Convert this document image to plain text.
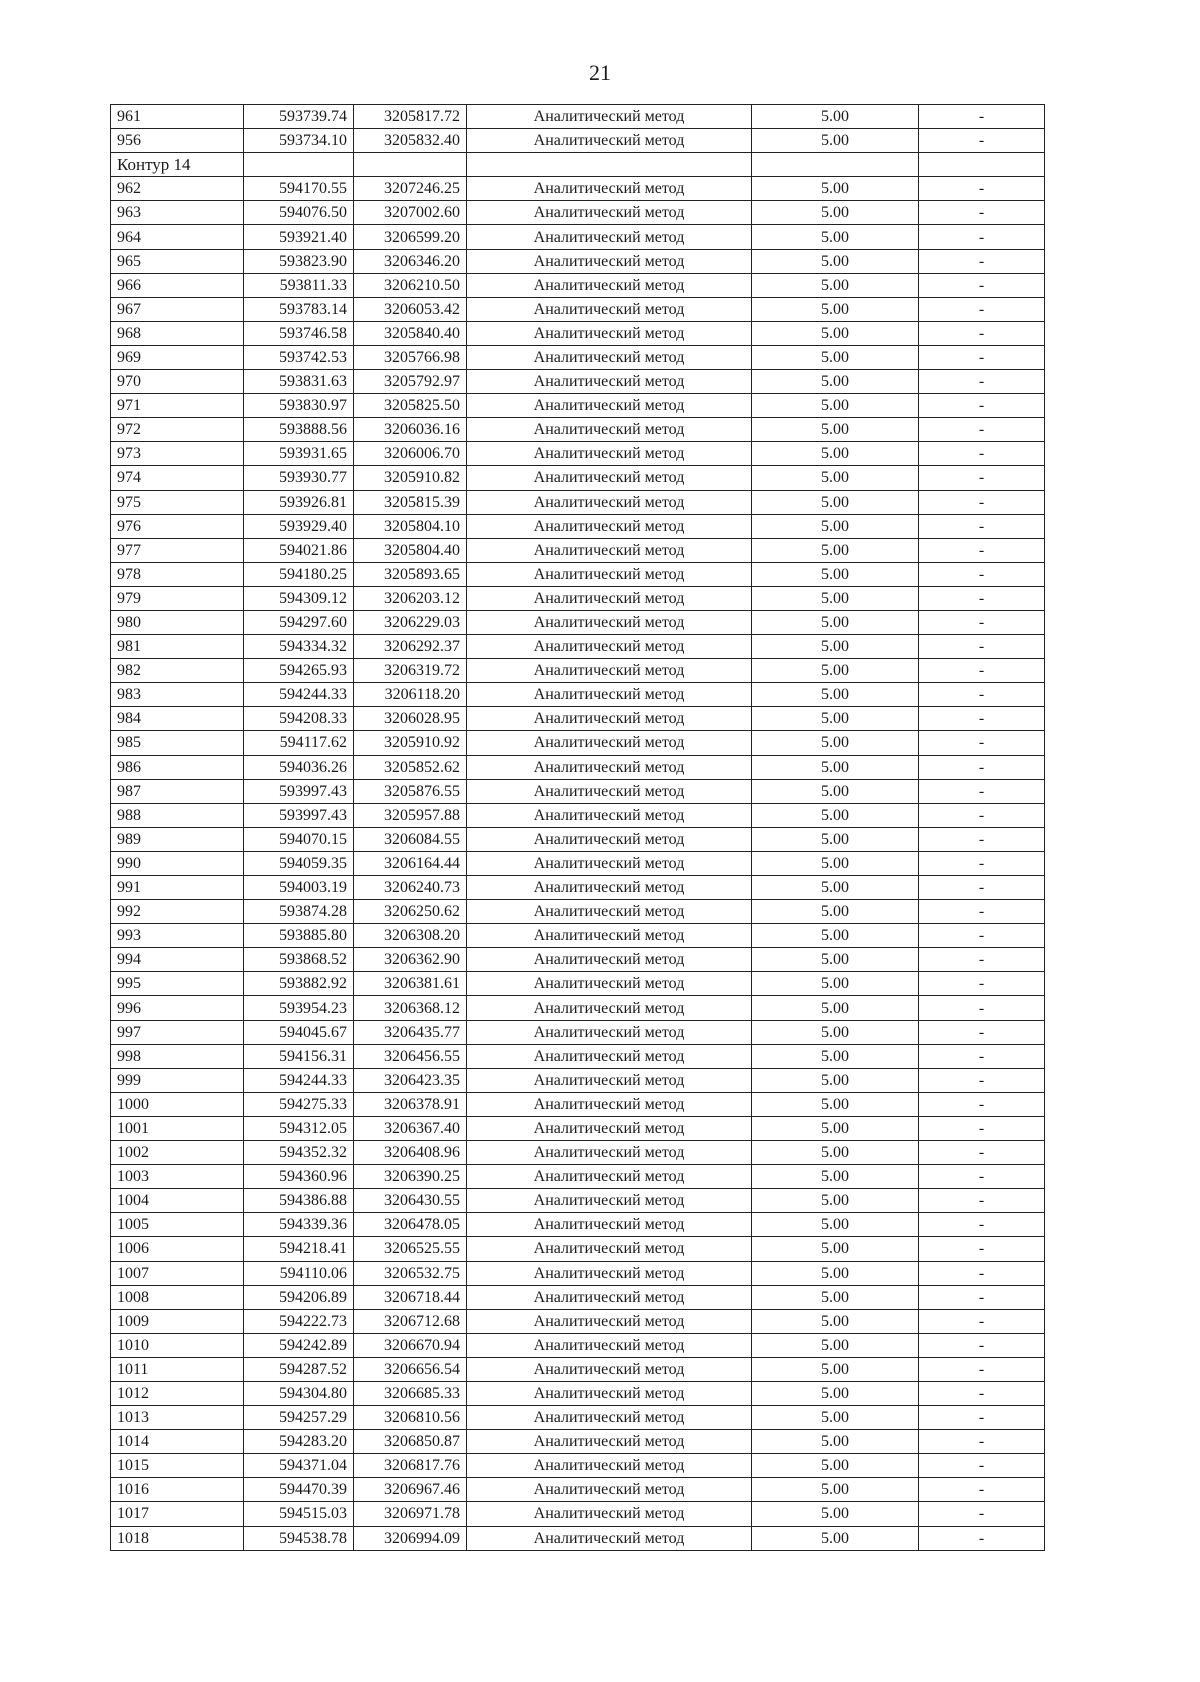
21
961	593739.74	3205817.72	Аналитический метод	5.00	-
956	593734.10	3205832.40	Аналитический метод	5.00	-
Контур 14					
962	594170.55	3207246.25	Аналитический метод	5.00	-
963	594076.50	3207002.60	Аналитический метод	5.00	-
964	593921.40	3206599.20	Аналитический метод	5.00	-
965	593823.90	3206346.20	Аналитический метод	5.00	-
966	593811.33	3206210.50	Аналитический метод	5.00	-
967	593783.14	3206053.42	Аналитический метод	5.00	-
968	593746.58	3205840.40	Аналитический метод	5.00	-
969	593742.53	3205766.98	Аналитический метод	5.00	-
970	593831.63	3205792.97	Аналитический метод	5.00	-
971	593830.97	3205825.50	Аналитический метод	5.00	-
972	593888.56	3206036.16	Аналитический метод	5.00	-
973	593931.65	3206006.70	Аналитический метод	5.00	-
974	593930.77	3205910.82	Аналитический метод	5.00	-
975	593926.81	3205815.39	Аналитический метод	5.00	-
976	593929.40	3205804.10	Аналитический метод	5.00	-
977	594021.86	3205804.40	Аналитический метод	5.00	-
978	594180.25	3205893.65	Аналитический метод	5.00	-
979	594309.12	3206203.12	Аналитический метод	5.00	-
980	594297.60	3206229.03	Аналитический метод	5.00	-
981	594334.32	3206292.37	Аналитический метод	5.00	-
982	594265.93	3206319.72	Аналитический метод	5.00	-
983	594244.33	3206118.20	Аналитический метод	5.00	-
984	594208.33	3206028.95	Аналитический метод	5.00	-
985	594117.62	3205910.92	Аналитический метод	5.00	-
986	594036.26	3205852.62	Аналитический метод	5.00	-
987	593997.43	3205876.55	Аналитический метод	5.00	-
988	593997.43	3205957.88	Аналитический метод	5.00	-
989	594070.15	3206084.55	Аналитический метод	5.00	-
990	594059.35	3206164.44	Аналитический метод	5.00	-
991	594003.19	3206240.73	Аналитический метод	5.00	-
992	593874.28	3206250.62	Аналитический метод	5.00	-
993	593885.80	3206308.20	Аналитический метод	5.00	-
994	593868.52	3206362.90	Аналитический метод	5.00	-
995	593882.92	3206381.61	Аналитический метод	5.00	-
996	593954.23	3206368.12	Аналитический метод	5.00	-
997	594045.67	3206435.77	Аналитический метод	5.00	-
998	594156.31	3206456.55	Аналитический метод	5.00	-
999	594244.33	3206423.35	Аналитический метод	5.00	-
1000	594275.33	3206378.91	Аналитический метод	5.00	-
1001	594312.05	3206367.40	Аналитический метод	5.00	-
1002	594352.32	3206408.96	Аналитический метод	5.00	-
1003	594360.96	3206390.25	Аналитический метод	5.00	-
1004	594386.88	3206430.55	Аналитический метод	5.00	-
1005	594339.36	3206478.05	Аналитический метод	5.00	-
1006	594218.41	3206525.55	Аналитический метод	5.00	-
1007	594110.06	3206532.75	Аналитический метод	5.00	-
1008	594206.89	3206718.44	Аналитический метод	5.00	-
1009	594222.73	3206712.68	Аналитический метод	5.00	-
1010	594242.89	3206670.94	Аналитический метод	5.00	-
1011	594287.52	3206656.54	Аналитический метод	5.00	-
1012	594304.80	3206685.33	Аналитический метод	5.00	-
1013	594257.29	3206810.56	Аналитический метод	5.00	-
1014	594283.20	3206850.87	Аналитический метод	5.00	-
1015	594371.04	3206817.76	Аналитический метод	5.00	-
1016	594470.39	3206967.46	Аналитический метод	5.00	-
1017	594515.03	3206971.78	Аналитический метод	5.00	-
1018	594538.78	3206994.09	Аналитический метод	5.00	-
